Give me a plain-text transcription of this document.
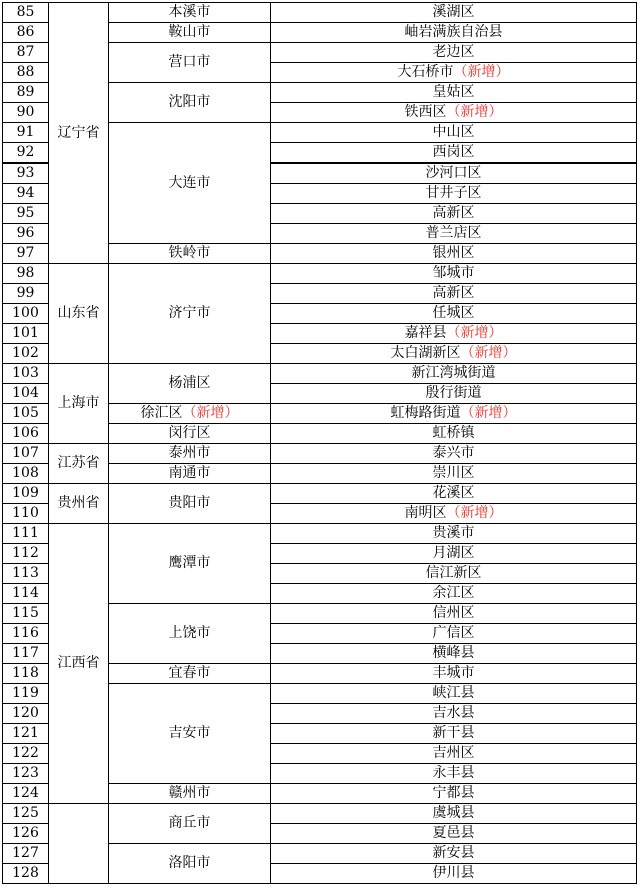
85	辽宁省	本溪市	溪湖区
86		鞍山市	岫岩满族自治县
87		营口市	老边区
88			大石桥市（新增）
89		沈阳市	皇姑区
90			铁西区（新增）
91		大连市	中山区
92			西岗区
93			沙河口区
94			甘井子区
95			高新区
96			普兰店区
97		铁岭市	银州区
98	山东省	济宁市	邹城市
99			高新区
100			任城区
101			嘉祥县（新增）
102			太白湖新区（新增）
103	上海市	杨浦区	新江湾城街道
104			殷行街道
105		徐汇区（新增）	虹梅路街道（新增）
106		闵行区	虹桥镇
107	江苏省	泰州市	泰兴市
108		南通市	崇川区
109	贵州省	贵阳市	花溪区
110			南明区（新增）
111	江西省	鹰潭市	贵溪市
112			月湖区
113			信江新区
114			余江区
115		上饶市	信州区
116			广信区
117			横峰县
118		宜春市	丰城市
119		吉安市	峡江县
120			吉水县
121			新干县
122			吉州区
123			永丰县
124		赣州市	宁都县
125		商丘市	虞城县
126			夏邑县
127		洛阳市	新安县
128			伊川县
